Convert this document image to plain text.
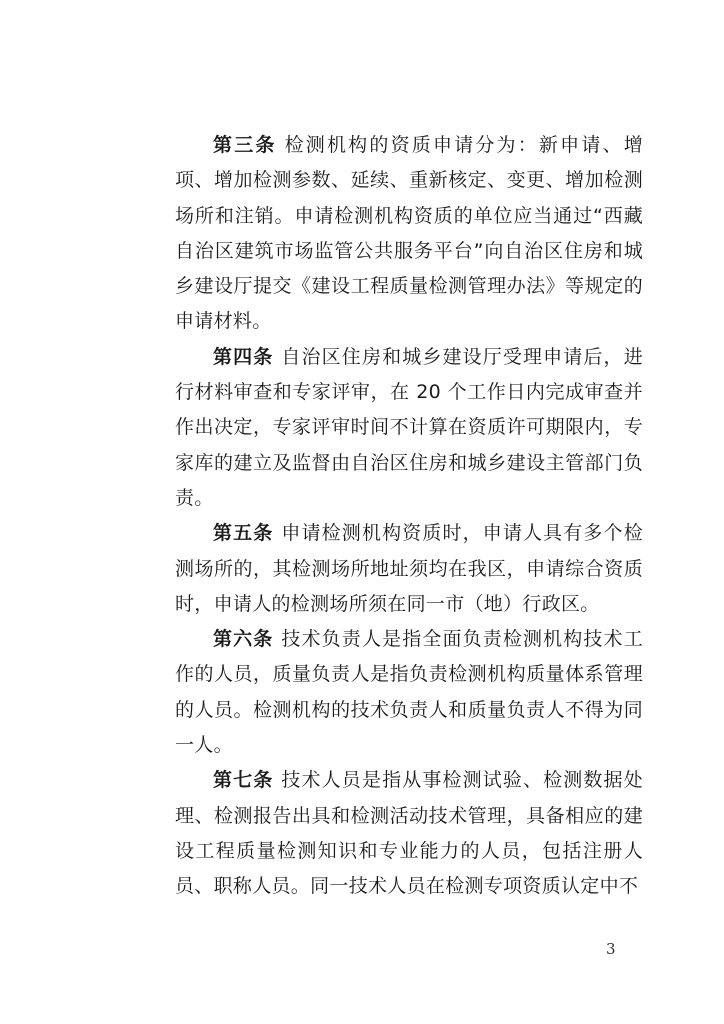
第三条 检测机构的资质申请分为：新申请、增项、增加检测参数、延续、重新核定、变更、增加检测场所和注销。申请检测机构资质的单位应当通过“西藏自治区建筑市场监管公共服务平台”向自治区住房和城乡建设厅提交《建设工程质量检测管理办法》等规定的申请材料。

第四条 自治区住房和城乡建设厅受理申请后，进行材料审查和专家评审，在 20 个工作日内完成审查并作出决定，专家评审时间不计算在资质许可期限内，专家库的建立及监督由自治区住房和城乡建设主管部门负责。

第五条 申请检测机构资质时，申请人具有多个检测场所的，其检测场所地址须均在我区，申请综合资质时，申请人的检测场所须在同一市（地）行政区。

第六条 技术负责人是指全面负责检测机构技术工作的人员，质量负责人是指负责检测机构质量体系管理的人员。检测机构的技术负责人和质量负责人不得为同一人。

第七条 技术人员是指从事检测试验、检测数据处理、检测报告出具和检测活动技术管理，具备相应的建设工程质量检测知识和专业能力的人员，包括注册人员、职称人员。同一技术人员在检测专项资质认定中不

3
